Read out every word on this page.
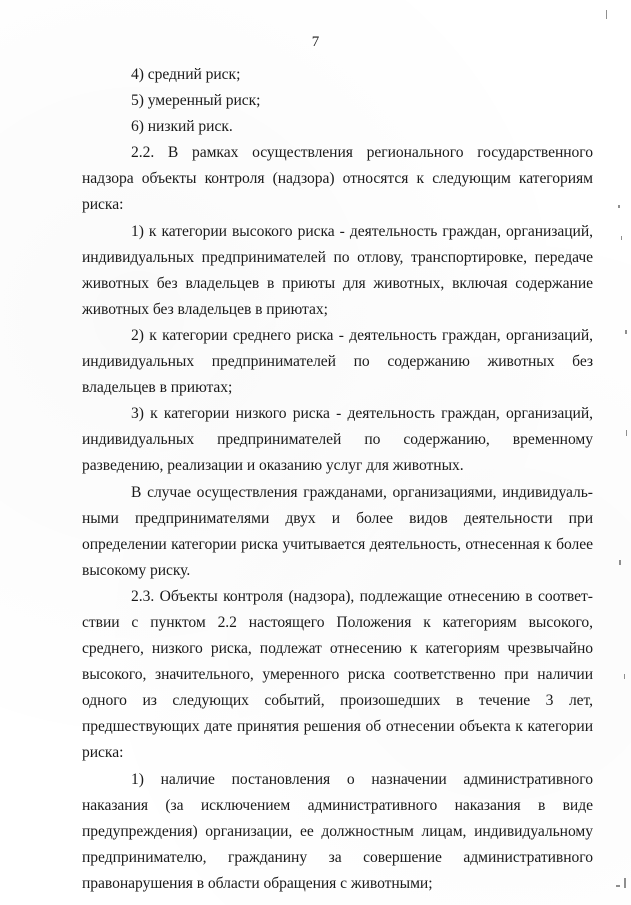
7

4) средний риск;

5) умеренный риск;

6) низкий риск.

2.2. В рамках осуществления регионального государственного надзора объекты контроля (надзора) относятся к следующим категориям риска:

1) к категории высокого риска - деятельность граждан, организаций, индивидуальных предпринимателей по отлову, транспортировке, передаче животных без владельцев в приюты для животных, включая содержание животных без владельцев в приютах;

2) к категории среднего риска - деятельность граждан, организаций, индивидуальных предпринимателей по содержанию животных без владельцев в приютах;

3) к категории низкого риска - деятельность граждан, организаций, индивидуальных предпринимателей по содержанию, временному разведению, реализации и оказанию услуг для животных.

В случае осуществления гражданами, организациями, индивидуальными предпринимателями двух и более видов деятельности при определении категории риска учитывается деятельность, отнесенная к более высокому риску.

2.3. Объекты контроля (надзора), подлежащие отнесению в соответствии с пунктом 2.2 настоящего Положения к категориям высокого, среднего, низкого риска, подлежат отнесению к категориям чрезвычайно высокого, значительного, умеренного риска соответственно при наличии одного из следующих событий, произошедших в течение 3 лет, предшествующих дате принятия решения об отнесении объекта к категории риска:

1) наличие постановления о назначении административного наказания (за исключением административного наказания в виде предупреждения) организации, ее должностным лицам, индивидуальному предпринимателю, гражданину за совершение административного правонарушения в области обращения с животными;
